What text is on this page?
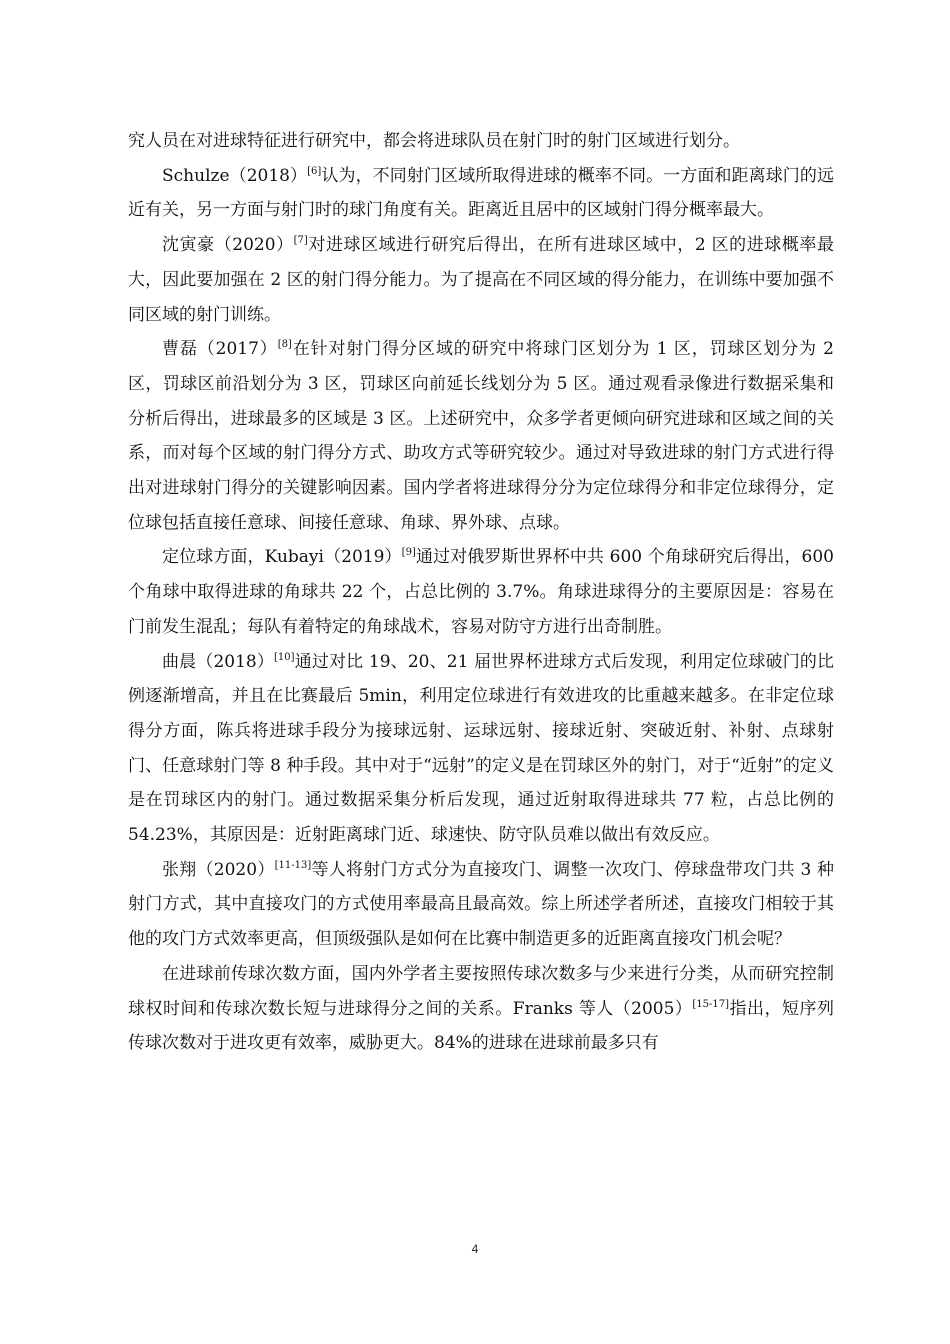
究人员在对进球特征进行研究中，都会将进球队员在射门时的射门区域进行划分。

Schulze（2018）[6]认为，不同射门区域所取得进球的概率不同。一方面和距离球门的远近有关，另一方面与射门时的球门角度有关。距离近且居中的区域射门得分概率最大。

沈寅豪（2020）[7]对进球区域进行研究后得出，在所有进球区域中，2 区的进球概率最大，因此要加强在 2 区的射门得分能力。为了提高在不同区域的得分能力，在训练中要加强不同区域的射门训练。

曹磊（2017）[8]在针对射门得分区域的研究中将球门区划分为 1 区，罚球区划分为 2 区，罚球区前沿划分为 3 区，罚球区向前延长线划分为 5 区。通过观看录像进行数据采集和分析后得出，进球最多的区域是 3 区。上述研究中，众多学者更倾向研究进球和区域之间的关系，而对每个区域的射门得分方式、助攻方式等研究较少。通过对导致进球的射门方式进行得出对进球射门得分的关键影响因素。国内学者将进球得分分为定位球得分和非定位球得分，定位球包括直接任意球、间接任意球、角球、界外球、点球。

定位球方面，Kubayi（2019）[9]通过对俄罗斯世界杯中共 600 个角球研究后得出，600 个角球中取得进球的角球共 22 个，占总比例的 3.7%。角球进球得分的主要原因是：容易在门前发生混乱；每队有着特定的角球战术，容易对防守方进行出奇制胜。

曲晨（2018）[10]通过对比 19、20、21 届世界杯进球方式后发现，利用定位球破门的比例逐渐增高，并且在比赛最后 5min，利用定位球进行有效进攻的比重越来越多。在非定位球得分方面，陈兵将进球手段分为接球远射、运球远射、接球近射、突破近射、补射、点球射门、任意球射门等 8 种手段。其中对于“远射”的定义是在罚球区外的射门，对于“近射”的定义是在罚球区内的射门。通过数据采集分析后发现，通过近射取得进球共 77 粒，占总比例的 54.23%，其原因是：近射距离球门近、球速快、防守队员难以做出有效反应。

张翔（2020）[11-13]等人将射门方式分为直接攻门、调整一次攻门、停球盘带攻门共 3 种射门方式，其中直接攻门的方式使用率最高且最高效。综上所述学者所述，直接攻门相较于其他的攻门方式效率更高，但顶级强队是如何在比赛中制造更多的近距离直接攻门机会呢？

在进球前传球次数方面，国内外学者主要按照传球次数多与少来进行分类，从而研究控制球权时间和传球次数长短与进球得分之间的关系。Franks 等人（2005）[15-17]指出，短序列传球次数对于进攻更有效率，威胁更大。84%的进球在进球前最多只有

4
